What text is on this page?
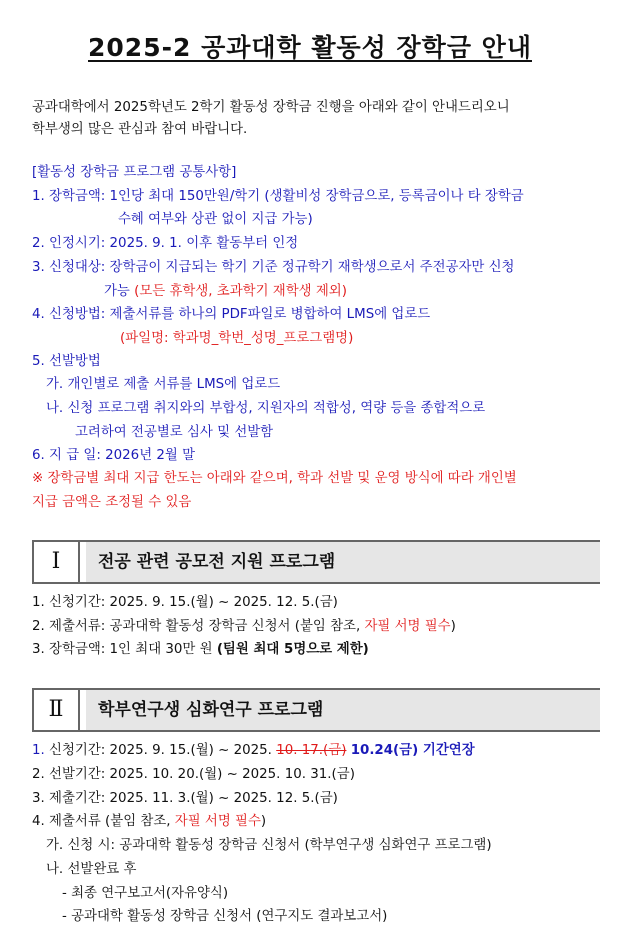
2025-2 공과대학 활동성 장학금 안내
공과대학에서 2025학년도 2학기 활동성 장학금 진행을 아래와 같이 안내드리오니
학부생의 많은 관심과 참여 바랍니다.
[활동성 장학금 프로그램 공통사항]
1. 장학금액: 1인당 최대 150만원/학기 (생활비성 장학금으로, 등록금이나 타 장학금
수혜 여부와 상관 없이 지급 가능)
2. 인정시기: 2025. 9. 1. 이후 활동부터 인정
3. 신청대상: 장학금이 지급되는 학기 기준 정규학기 재학생으로서 주전공자만 신청
가능 (모든 휴학생, 초과학기 재학생 제외)
4. 신청방법: 제출서류를 하나의 PDF파일로 병합하여 LMS에 업로드
(파일명: 학과명_학번_성명_프로그램명)
5. 선발방법
가. 개인별로 제출 서류를 LMS에 업로드
나. 신청 프로그램 취지와의 부합성, 지원자의 적합성, 역량 등을 종합적으로
고려하여 전공별로 심사 및 선발함
6. 지 급 일: 2026년 2월 말
※ 장학금별 최대 지급 한도는 아래와 같으며, 학과 선발 및 운영 방식에 따라 개인별
지급 금액은 조정될 수 있음
Ⅰ	전공 관련 공모전 지원 프로그램
1. 신청기간: 2025. 9. 15.(월) ~ 2025. 12. 5.(금)
2. 제출서류: 공과대학 활동성 장학금 신청서 (붙임 참조, 자필 서명 필수)
3. 장학금액: 1인 최대 30만 원 (팀원 최대 5명으로 제한)
Ⅱ	학부연구생 심화연구 프로그램
1. 신청기간: 2025. 9. 15.(월) ~ 2025. 10. 17.(금) 10.24(금) 기간연장
2. 선발기간: 2025. 10. 20.(월) ~ 2025. 10. 31.(금)
3. 제출기간: 2025. 11. 3.(월) ~ 2025. 12. 5.(금)
4. 제출서류 (붙임 참조, 자필 서명 필수)
가. 신청 시: 공과대학 활동성 장학금 신청서 (학부연구생 심화연구 프로그램)
나. 선발완료 후
- 최종 연구보고서(자유양식)
- 공과대학 활동성 장학금 신청서 (연구지도 결과보고서)
